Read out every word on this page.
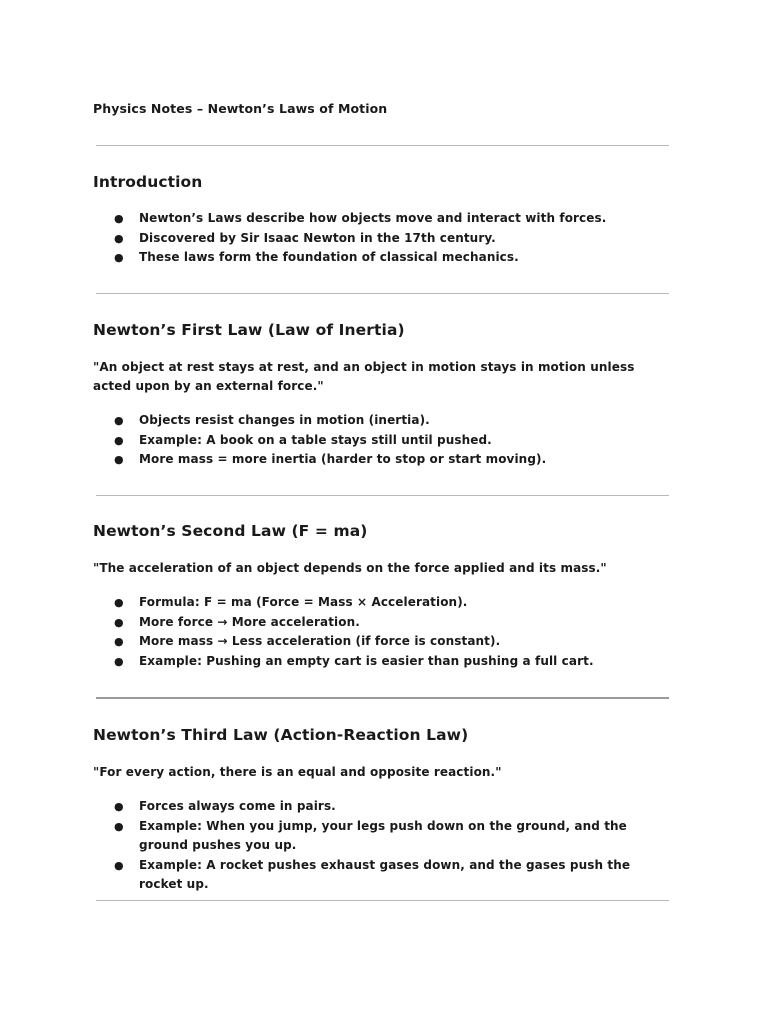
Physics Notes – Newton’s Laws of Motion

Introduction
● Newton’s Laws describe how objects move and interact with forces.
● Discovered by Sir Isaac Newton in the 17th century.
● These laws form the foundation of classical mechanics.
Newton’s First Law (Law of Inertia)

"An object at rest stays at rest, and an object in motion stays in motion unless acted upon by an external force."

● Objects resist changes in motion (inertia).
● Example: A book on a table stays still until pushed.
● More mass = more inertia (harder to stop or start moving).
Newton’s Second Law (F = ma)

"The acceleration of an object depends on the force applied and its mass."

● Formula: F = ma (Force = Mass × Acceleration).
● More force → More acceleration.
● More mass → Less acceleration (if force is constant).
● Example: Pushing an empty cart is easier than pushing a full cart.
Newton’s Third Law (Action-Reaction Law)

"For every action, there is an equal and opposite reaction."

● Forces always come in pairs.
● Example: When you jump, your legs push down on the ground, and the ground pushes you up.
● Example: A rocket pushes exhaust gases down, and the gases push the rocket up.
